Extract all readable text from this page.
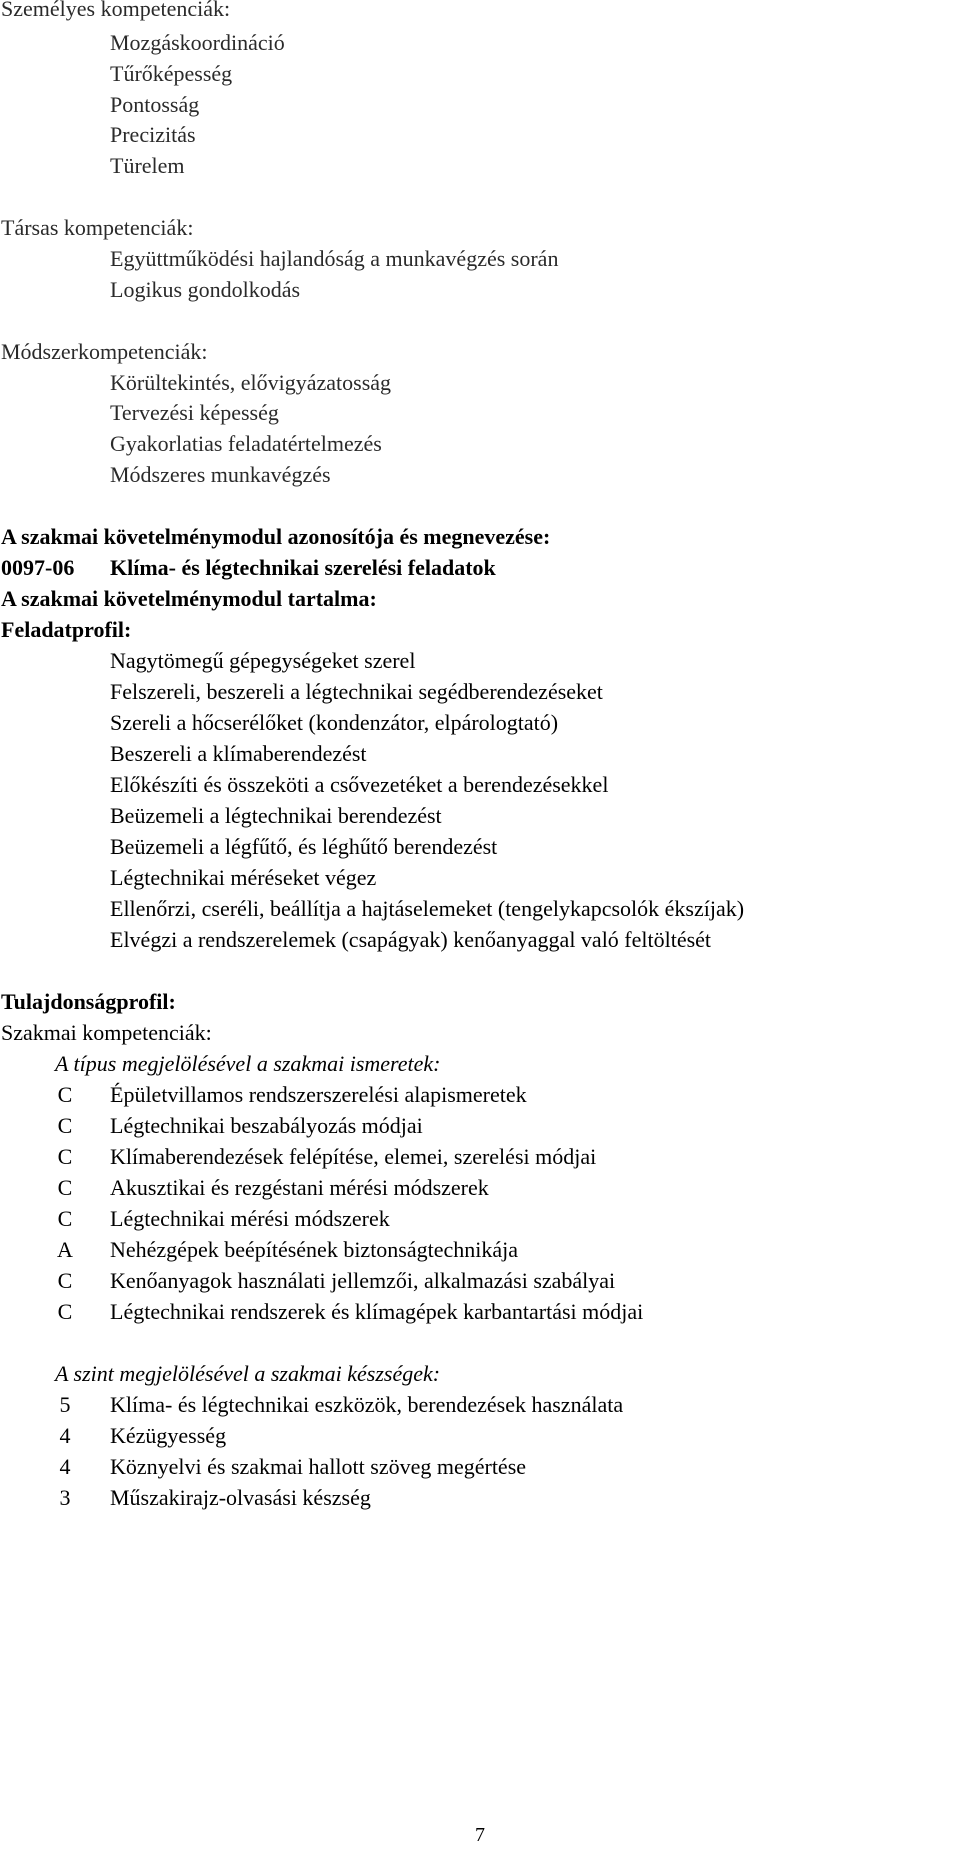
Személyes kompetenciák:
Mozgáskoordináció
Tűrőképesség
Pontosság
Precizitás
Türelem
Társas kompetenciák:
Együttműködési hajlandóság a munkavégzés során
Logikus gondolkodás
Módszerkompetenciák:
Körültekintés, elővigyázatosság
Tervezési képesség
Gyakorlatias feladatértelmezés
Módszeres munkavégzés
A szakmai követelménymodul azonosítója és megnevezése:
0097-06 Klíma- és légtechnikai szerelési feladatok
A szakmai követelménymodul tartalma:
Feladatprofil:
Nagytömegű gépegységeket szerel
Felszereli, beszereli a légtechnikai segédberendezéseket
Szereli a hőcserélőket (kondenzátor, elpárologtató)
Beszereli a klímaberendezést
Előkészíti és összeköti a csővezetéket a berendezésekkel
Beüzemeli a légtechnikai berendezést
Beüzemeli a légfűtő, és léghűtő berendezést
Légtechnikai méréseket végez
Ellenőrzi, cseréli, beállítja a hajtáselemeket (tengelykapcsolók ékszíjak)
Elvégzi a rendszerelemek (csapágyak) kenőanyaggal való feltöltését
Tulajdonságprofil:
Szakmai kompetenciák:
A típus megjelölésével a szakmai ismeretek:
C Épületvillamos rendszerszerelési alapismeretek
C Légtechnikai beszabályozás módjai
C Klímaberendezések felépítése, elemei, szerelési módjai
C Akusztikai és rezgéstani mérési módszerek
C Légtechnikai mérési módszerek
A Nehézgépek beépítésének biztonságtechnikája
C Kenőanyagok használati jellemzői, alkalmazási szabályai
C Légtechnikai rendszerek és klímagépek karbantartási módjai
A szint megjelölésével a szakmai készségek:
5 Klíma- és légtechnikai eszközök, berendezések használata
4 Kézügyesség
4 Köznyelvi és szakmai hallott szöveg megértése
3 Műszakirajz-olvasási készség
7
